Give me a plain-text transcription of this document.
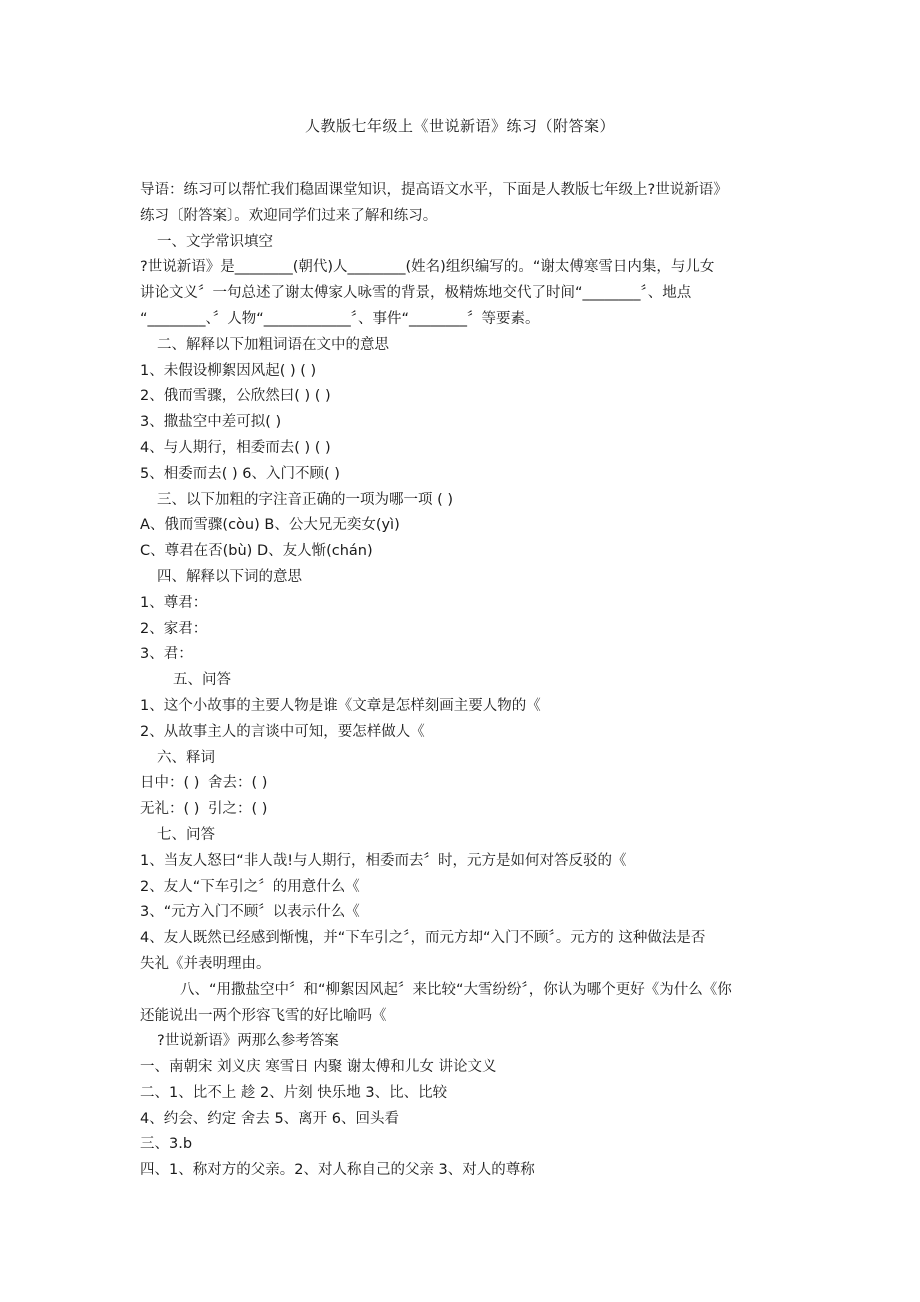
人教版七年级上《世说新语》练习（附答案）
导语：练习可以帮忙我们稳固课堂知识，提高语文水平，下面是人教版七年级上?世说新语》
练习〔附答案〕。欢迎同学们过来了解和练习。
一、文学常识填空
?世说新语》是________(朝代)人________(姓名)组织编写的。“谢太傅寒雪日内集，与儿女
讲论文义〞一句总述了谢太傅家人咏雪的背景，极精炼地交代了时间“________〞、地点
“________、〞人物“____________〞、事件“________〞等要素。
二、解释以下加粗词语在文中的意思
1、未假设柳絮因风起( ) ( )
2、俄而雪骤，公欣然曰( ) ( )
3、撒盐空中差可拟( )
4、与人期行，相委而去( ) ( )
5、相委而去( ) 6、入门不顾( )
三、以下加粗的字注音正确的一项为哪一项 ( )
A、俄而雪骤(còu) B、公大兄无奕女(yì)
C、尊君在否(bù) D、友人惭(chán)
四、解释以下词的意思
1、尊君：
2、家君：
3、君：
五、问答
1、这个小故事的主要人物是谁《文章是怎样刻画主要人物的《
2、从故事主人的言谈中可知，要怎样做人《
六、释词
日中：( ) 舍去：( )
无礼：( ) 引之：( )
七、问答
1、当友人怒曰“非人哉!与人期行，相委而去〞时，元方是如何对答反驳的《
2、友人“下车引之〞的用意什么《
3、“元方入门不顾〞以表示什么《
4、友人既然已经感到惭愧，并“下车引之〞，而元方却“入门不顾〞。元方的 这种做法是否
失礼《并表明理由。
八、“用撒盐空中〞和“柳絮因风起〞来比较“大雪纷纷〞，你认为哪个更好《为什么《你
还能说出一两个形容飞雪的好比喻吗《
?世说新语》两那么参考答案
一、南朝宋 刘义庆 寒雪日 内聚 谢太傅和儿女 讲论文义
二、1、比不上 趁 2、片刻 快乐地 3、比、比较
4、约会、约定 舍去 5、离开 6、回头看
三、3.b
四、1、称对方的父亲。2、对人称自己的父亲 3、对人的尊称
